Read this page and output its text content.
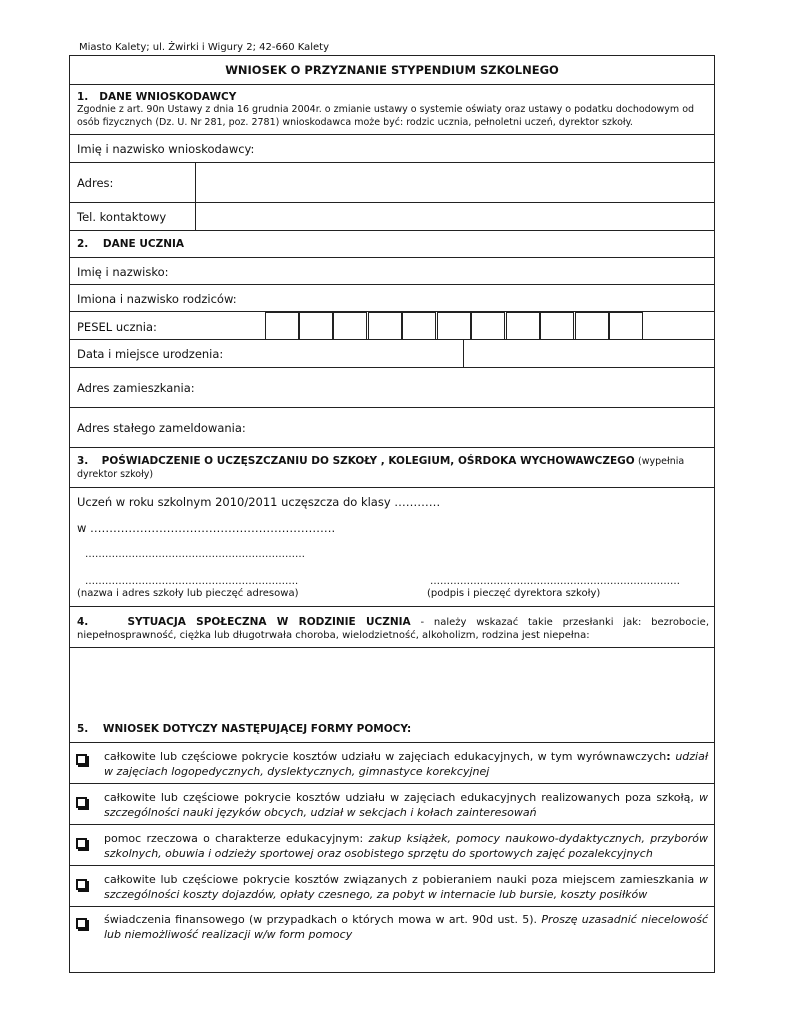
Miasto Kalety; ul. Żwirki i Wigury 2; 42-660 Kalety
WNIOSEK O PRZYZNANIE STYPENDIUM SZKOLNEGO
1. DANE WNIOSKODAWCY
Zgodnie z art. 90n Ustawy z dnia 16 grudnia 2004r. o zmianie ustawy o systemie oświaty oraz ustawy o podatku dochodowym od osób fizycznych (Dz. U. Nr 281, poz. 2781) wnioskodawca może być: rodzic ucznia, pełnoletni uczeń, dyrektor szkoły.
Imię i nazwisko wnioskodawcy:
Adres:
Tel. kontaktowy
2. DANE UCZNIA
Imię i nazwisko:
Imiona i nazwisko rodziców:
PESEL ucznia:
Data i miejsce urodzenia:
Adres zamieszkania:
Adres stałego zameldowania:
3. POŚWIADCZENIE O UCZĘSZCZANIU DO SZKOŁY , KOLEGIUM, OŚRDOKA WYCHOWAWCZEGO (wypełnia dyrektor szkoły)
Uczeń w roku szkolnym 2010/2011 uczęszcza do klasy …………
w ……………………………………………………….
…………………………………………………………
……………………………………………………….	…………………………………………………………………
(nazwa i adres szkoły lub pieczęć adresowa)	(podpis i pieczęć dyrektora szkoły)
4.	SYTUACJA SPOŁECZNA W RODZINIE UCZNIA - należy wskazać takie przesłanki jak: bezrobocie, niepełnosprawność, ciężka lub długotrwała choroba, wielodzietność, alkoholizm, rodzina jest niepełna:
5. WNIOSEK DOTYCZY NASTĘPUJĄCEJ FORMY POMOCY:
całkowite lub częściowe pokrycie kosztów udziału w zajęciach edukacyjnych, w tym wyrównawczych: udział w zajęciach logopedycznych, dyslektycznych, gimnastyce korekcyjnej
całkowite lub częściowe pokrycie kosztów udziału w zajęciach edukacyjnych realizowanych poza szkołą, w szczególności nauki języków obcych, udział w sekcjach i kołach zainteresowań
pomoc rzeczowa o charakterze edukacyjnym: zakup książek, pomocy naukowo-dydaktycznych, przyborów szkolnych, obuwia i odzieży sportowej oraz osobistego sprzętu do sportowych zajęć pozalekcyjnych
całkowite lub częściowe pokrycie kosztów związanych z pobieraniem nauki poza miejscem zamieszkania w szczególności koszty dojazdów, opłaty czesnego, za pobyt w internacie lub bursie, koszty posiłków
świadczenia finansowego (w przypadkach o których mowa w art. 90d ust. 5). Proszę uzasadnić niecelowość lub niemożliwość realizacji w/w form pomocy
